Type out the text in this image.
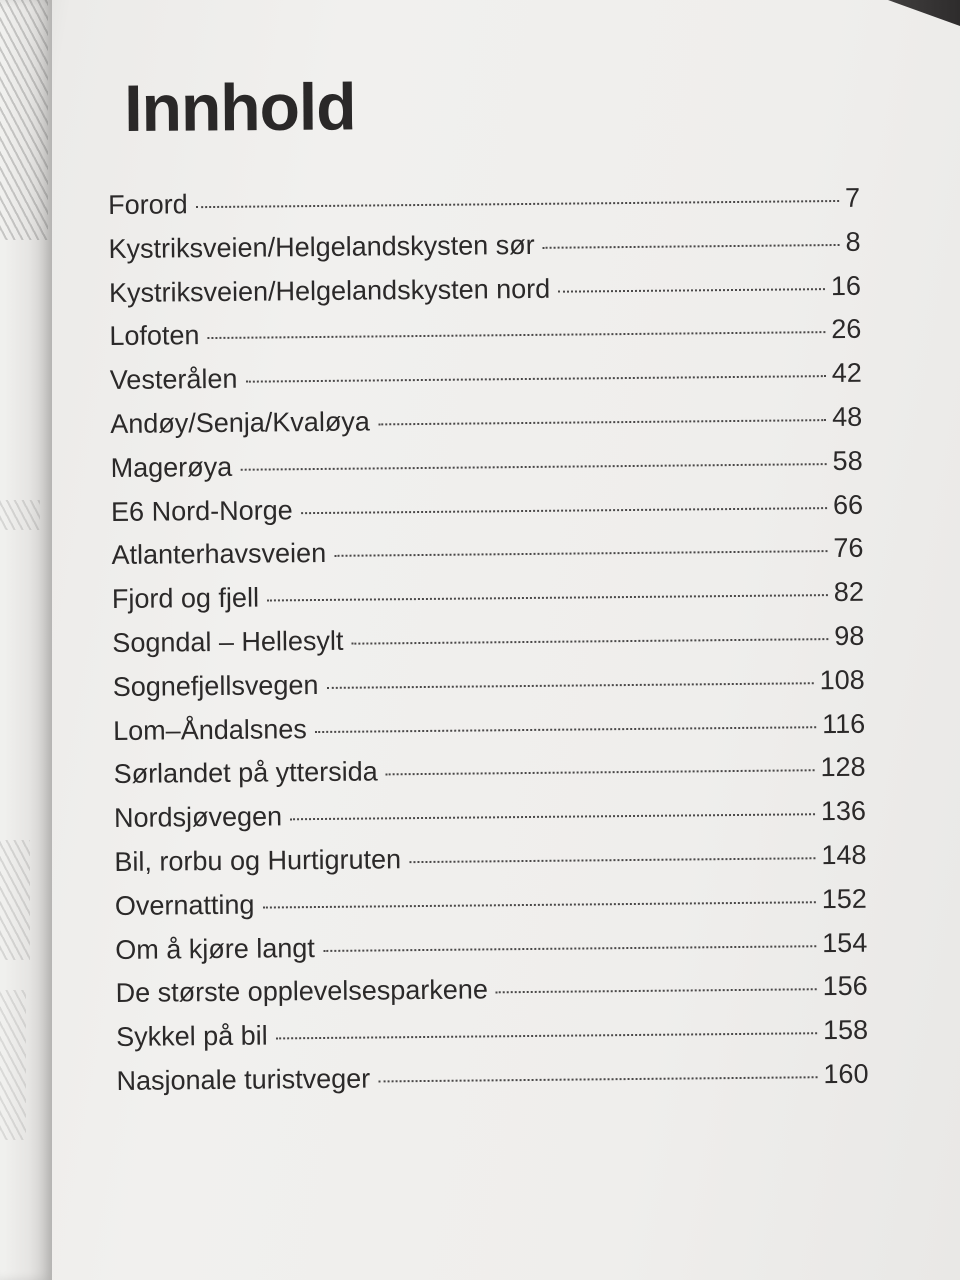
Innhold
Forord	7
Kystriksveien/Helgelandskysten sør	8
Kystriksveien/Helgelandskysten nord	16
Lofoten	26
Vesterålen	42
Andøy/Senja/Kvaløya	48
Magerøya	58
E6 Nord-Norge	66
Atlanterhavsveien	76
Fjord og fjell	82
Sogndal – Hellesylt	98
Sognefjellsvegen	108
Lom–Åndalsnes	116
Sørlandet på yttersida	128
Nordsjøvegen	136
Bil, rorbu og Hurtigruten	148
Overnatting	152
Om å kjøre langt	154
De største opplevelsesparkene	156
Sykkel på bil	158
Nasjonale turistveger	160
